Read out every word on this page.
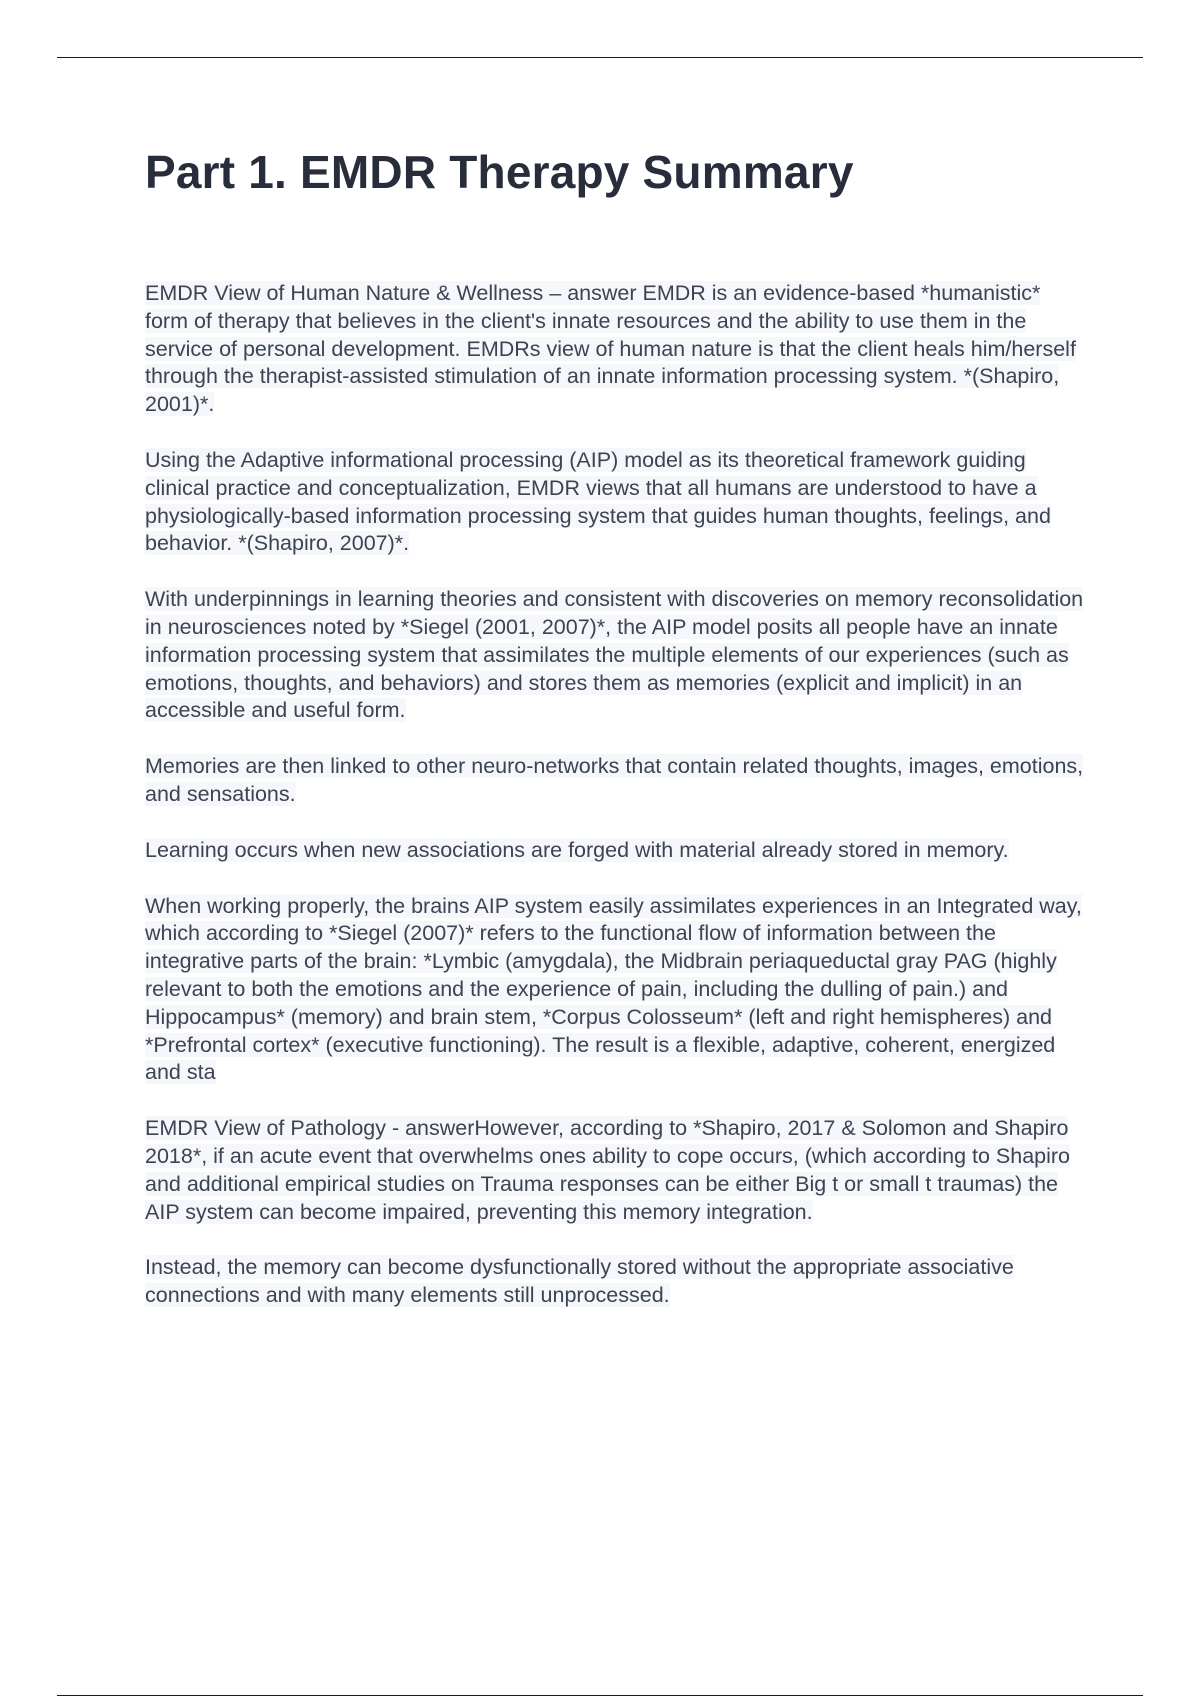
Part 1. EMDR Therapy Summary

EMDR View of Human Nature & Wellness – answer EMDR is an evidence-based *humanistic* form of therapy that believes in the client's innate resources and the ability to use them in the service of personal development. EMDRs view of human nature is that the client heals him/herself through the therapist-assisted stimulation of an innate information processing system. *(Shapiro, 2001)*.

Using the Adaptive informational processing (AIP) model as its theoretical framework guiding clinical practice and conceptualization, EMDR views that all humans are understood to have a physiologically-based information processing system that guides human thoughts, feelings, and behavior. *(Shapiro, 2007)*.

With underpinnings in learning theories and consistent with discoveries on memory reconsolidation in neurosciences noted by *Siegel (2001, 2007)*, the AIP model posits all people have an innate information processing system that assimilates the multiple elements of our experiences (such as emotions, thoughts, and behaviors) and stores them as memories (explicit and implicit) in an accessible and useful form.

Memories are then linked to other neuro-networks that contain related thoughts, images, emotions, and sensations.

Learning occurs when new associations are forged with material already stored in memory.

When working properly, the brains AIP system easily assimilates experiences in an Integrated way, which according to *Siegel (2007)* refers to the functional flow of information between the integrative parts of the brain: *Lymbic (amygdala), the Midbrain periaqueductal gray PAG (highly relevant to both the emotions and the experience of pain, including the dulling of pain.) and Hippocampus* (memory) and brain stem, *Corpus Colosseum* (left and right hemispheres) and *Prefrontal cortex* (executive functioning). The result is a flexible, adaptive, coherent, energized and sta

EMDR View of Pathology - answerHowever, according to *Shapiro, 2017 & Solomon and Shapiro 2018*, if an acute event that overwhelms ones ability to cope occurs, (which according to Shapiro and additional empirical studies on Trauma responses can be either Big t or small t traumas) the AIP system can become impaired, preventing this memory integration.

Instead, the memory can become dysfunctionally stored without the appropriate associative connections and with many elements still unprocessed.
